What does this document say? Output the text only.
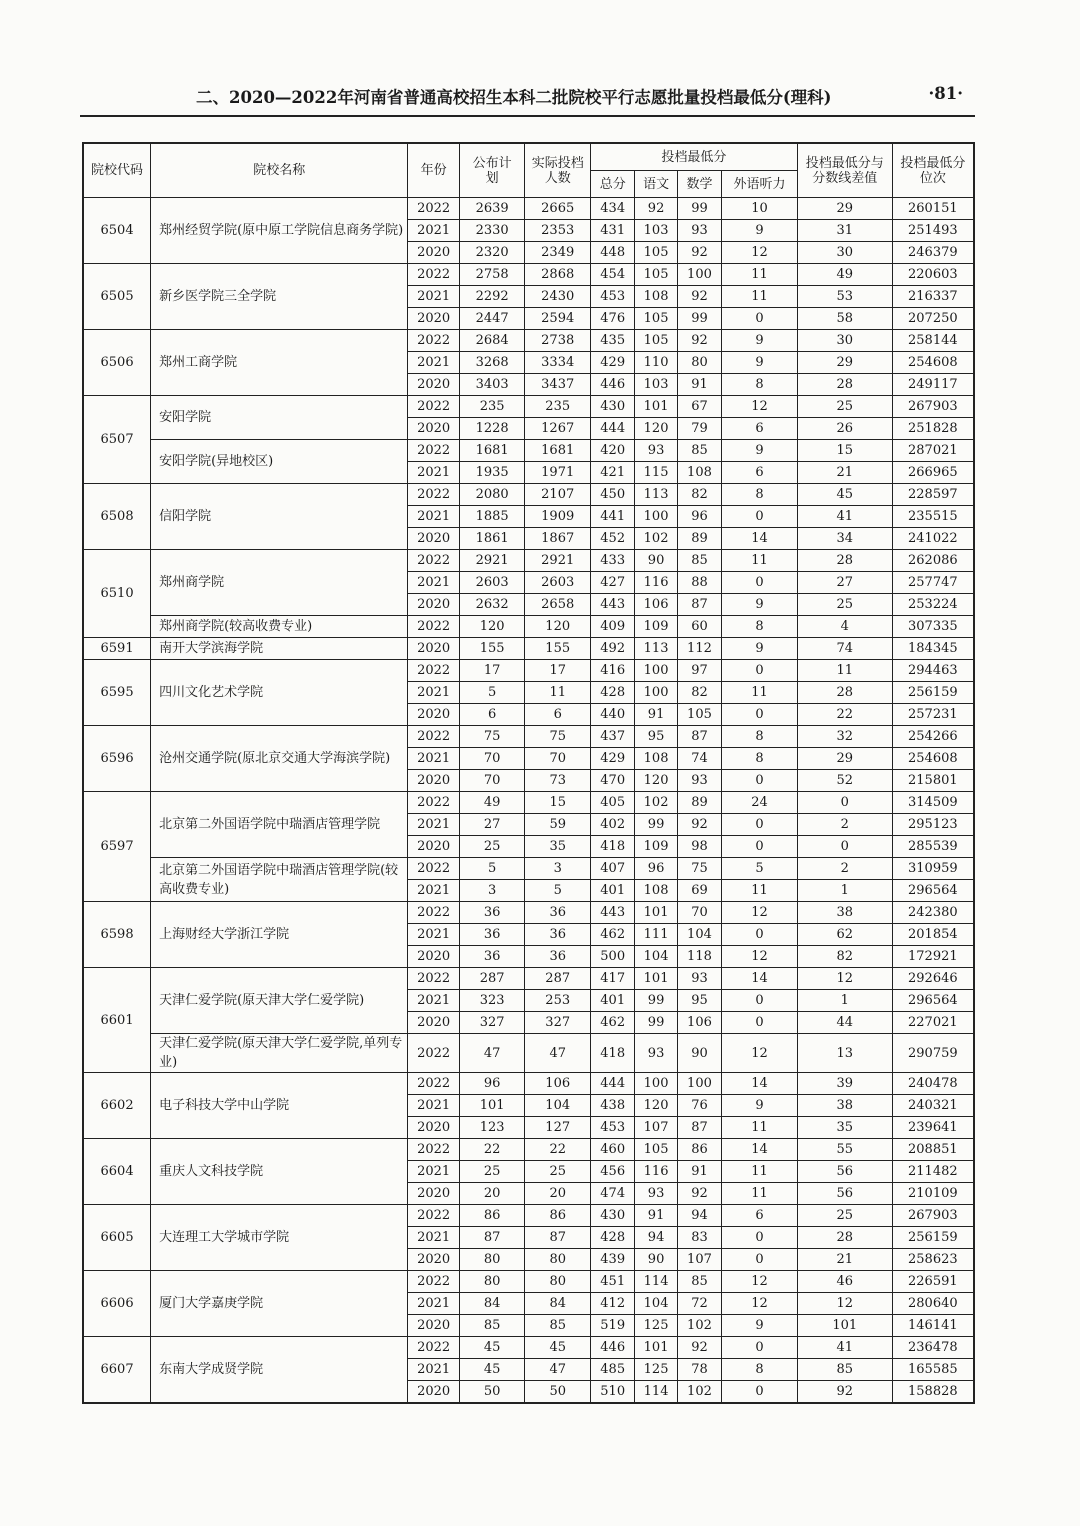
二、2020—2022年河南省普通高校招生本科二批院校平行志愿批量投档最低分(理科)	·81·
院校代码	院校名称	年份	公布计划	实际投档人数	投档最低分				投档最低分与分数线差值	投档最低分位次
					总分	语文	数学	外语听力		
6504	郑州经贸学院(原中原工学院信息商务学院)	2022	2639	2665	434	92	99	10	29	260151
		2021	2330	2353	431	103	93	9	31	251493
		2020	2320	2349	448	105	92	12	30	246379
6505	新乡医学院三全学院	2022	2758	2868	454	105	100	11	49	220603
		2021	2292	2430	453	108	92	11	53	216337
		2020	2447	2594	476	105	99	0	58	207250
6506	郑州工商学院	2022	2684	2738	435	105	92	9	30	258144
		2021	3268	3334	429	110	80	9	29	254608
		2020	3403	3437	446	103	91	8	28	249117
6507	安阳学院	2022	235	235	430	101	67	12	25	267903
		2020	1228	1267	444	120	79	6	26	251828
	安阳学院(异地校区)	2022	1681	1681	420	93	85	9	15	287021
		2021	1935	1971	421	115	108	6	21	266965
6508	信阳学院	2022	2080	2107	450	113	82	8	45	228597
		2021	1885	1909	441	100	96	0	41	235515
		2020	1861	1867	452	102	89	14	34	241022
6510	郑州商学院	2022	2921	2921	433	90	85	11	28	262086
		2021	2603	2603	427	116	88	0	27	257747
		2020	2632	2658	443	106	87	9	25	253224
	郑州商学院(较高收费专业)	2022	120	120	409	109	60	8	4	307335
6591	南开大学滨海学院	2020	155	155	492	113	112	9	74	184345
6595	四川文化艺术学院	2022	17	17	416	100	97	0	11	294463
		2021	5	11	428	100	82	11	28	256159
		2020	6	6	440	91	105	0	22	257231
6596	沧州交通学院(原北京交通大学海滨学院)	2022	75	75	437	95	87	8	32	254266
		2021	70	70	429	108	74	8	29	254608
		2020	70	73	470	120	93	0	52	215801
6597	北京第二外国语学院中瑞酒店管理学院	2022	49	15	405	102	89	24	0	314509
		2021	27	59	402	99	92	0	2	295123
		2020	25	35	418	109	98	0	0	285539
	北京第二外国语学院中瑞酒店管理学院(较高收费专业)	2022	5	3	407	96	75	5	2	310959
		2021	3	5	401	108	69	11	1	296564
6598	上海财经大学浙江学院	2022	36	36	443	101	70	12	38	242380
		2021	36	36	462	111	104	0	62	201854
		2020	36	36	500	104	118	12	82	172921
6601	天津仁爱学院(原天津大学仁爱学院)	2022	287	287	417	101	93	14	12	292646
		2021	323	253	401	99	95	0	1	296564
		2020	327	327	462	99	106	0	44	227021
	天津仁爱学院(原天津大学仁爱学院,单列专业)	2022	47	47	418	93	90	12	13	290759
6602	电子科技大学中山学院	2022	96	106	444	100	100	14	39	240478
		2021	101	104	438	120	76	9	38	240321
		2020	123	127	453	107	87	11	35	239641
6604	重庆人文科技学院	2022	22	22	460	105	86	14	55	208851
		2021	25	25	456	116	91	11	56	211482
		2020	20	20	474	93	92	11	56	210109
6605	大连理工大学城市学院	2022	86	86	430	91	94	6	25	267903
		2021	87	87	428	94	83	0	28	256159
		2020	80	80	439	90	107	0	21	258623
6606	厦门大学嘉庚学院	2022	80	80	451	114	85	12	46	226591
		2021	84	84	412	104	72	12	12	280640
		2020	85	85	519	125	102	9	101	146141
6607	东南大学成贤学院	2022	45	45	446	101	92	0	41	236478
		2021	45	47	485	125	78	8	85	165585
		2020	50	50	510	114	102	0	92	158828
